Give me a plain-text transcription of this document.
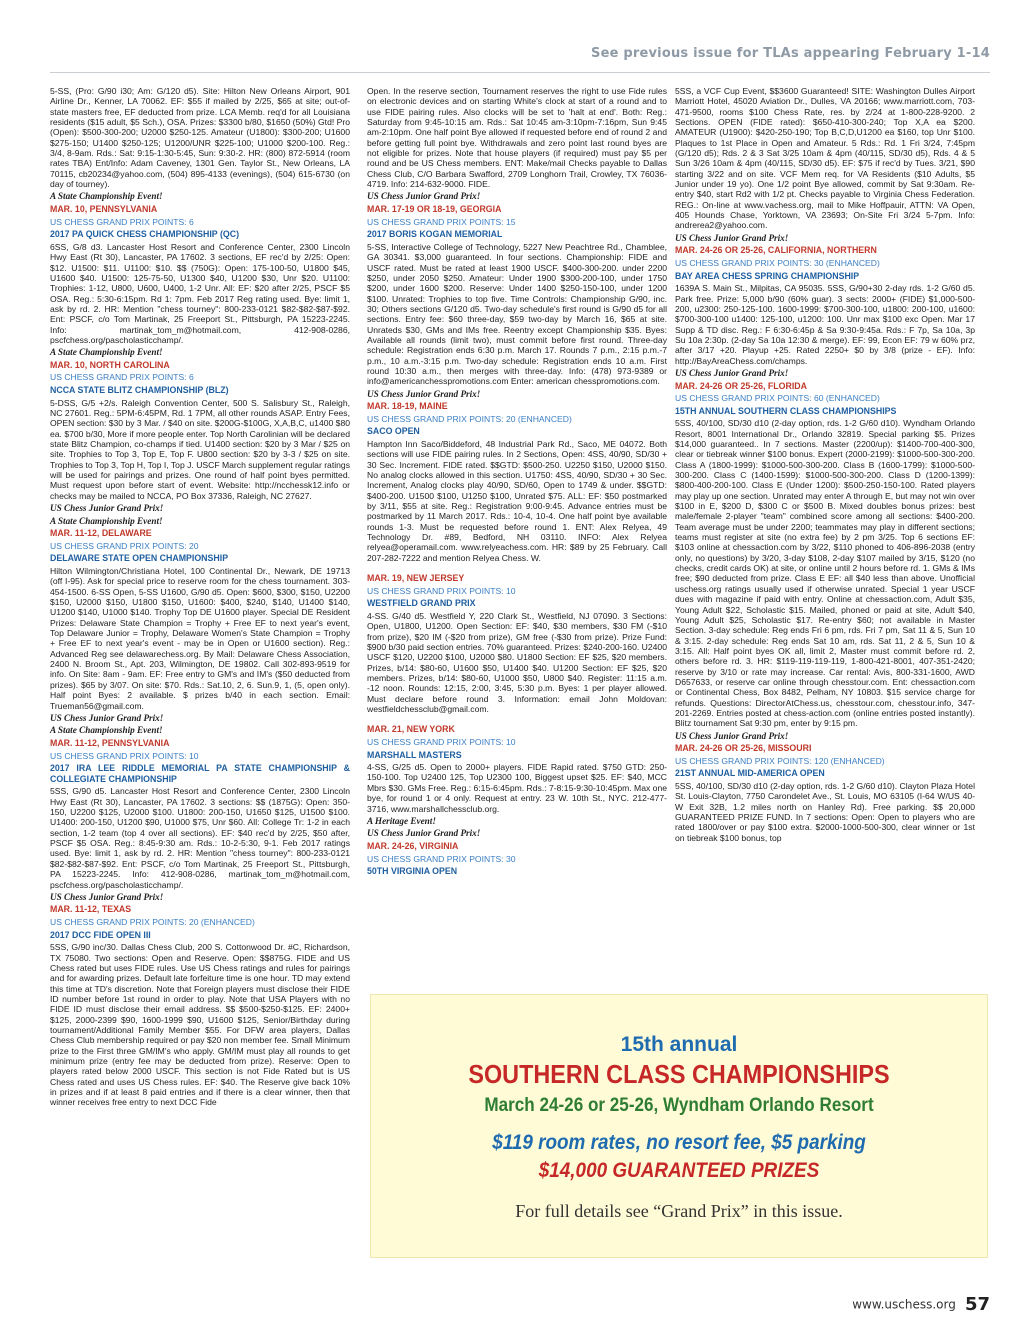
See previous issue for TLAs appearing February 1-14

5-SS, (Pro: G/90 i30; Am: G/120 d5). Site: Hilton New Orleans Airport, 901 Airline Dr., Kenner, LA 70062. EF: $55 if mailed by 2/25, $65 at site; out-of-state masters free, EF deducted from prize. LCA Memb. req'd for all Louisiana residents ($15 adult, $5 Sch.), OSA. Prizes: $3300 b/80, $1650 (50%) Gtd! Pro (Open): $500-300-200; U2000 $250-125. Amateur (U1800): $300-200; U1600 $275-150; U1400 $250-125; U1200/UNR $225-100; U1000 $200-100. Reg.: 3/4, 8-9am. Rds.: Sat: 9:15-1:30-5:45, Sun: 9:30-2. HR: (800) 872-5914 (room rates TBA) Ent/Info: Adam Caveney, 1301 Gen. Taylor St., New Orleans, LA 70115, cb20234@yahoo.com, (504) 895-4133 (evenings), (504) 615-6730 (on day of tourney).

A State Championship Event!

MAR. 10, PENNSYLVANIA

US CHESS GRAND PRIX POINTS: 6

2017 PA QUICK CHESS CHAMPIONSHIP (QC)

6SS, G/8 d3. Lancaster Host Resort and Conference Center, 2300 Lincoln Hwy East (Rt 30), Lancaster, PA 17602. 3 sections, EF rec'd by 2/25: Open: $12. U1500: $11. U1100: $10. $$ (750G): Open: 175-100-50, U1800 $45, U1600 $40. U1500: 125-75-50, U1300 $40, U1200 $30, Unr $20. U1100: Trophies: 1-12, U800, U600, U400, 1-2 Unr. All: EF: $20 after 2/25, PSCF $5 OSA. Reg.: 5:30-6:15pm. Rd 1: 7pm. Feb 2017 Reg rating used. Bye: limit 1, ask by rd. 2. HR: Mention "chess tourney": 800-233-0121 $82-$82-$87-$92. Ent: PSCF, c/o Tom Martinak, 25 Freeport St., Pittsburgh, PA 15223-2245. Info: martinak_tom_m@hotmail.com, 412-908-0286, pscfchess.org/pascholasticchamp/.

A State Championship Event!

MAR. 10, NORTH CAROLINA

US CHESS GRAND PRIX POINTS: 6

NCCA STATE BLITZ CHAMPIONSHIP (BLZ)

5-DSS, G/5 +2/s. Raleigh Convention Center, 500 S. Salisbury St., Raleigh, NC 27601. Reg.: 5PM-6:45PM, Rd. 1 7PM, all other rounds ASAP. Entry Fees, OPEN section: $30 by 3 Mar. / $40 on site. $200G-$100G, X,A,B,C, u1400 $80 ea. $700 b/30, More if more people enter. Top North Carolinian will be declared state Blitz Champion, co-champs if tied. U1400 section: $20 by 3 Mar / $25 on site. Trophies to Top 3, Top E, Top F. U800 section: $20 by 3-3 / $25 on site. Trophies to Top 3, Top H, Top I, Top J. USCF March supplement regular ratings will be used for pairings and prizes. One round of half point byes permitted. Must request upon before start of event. Website: http://ncchessk12.info or checks may be mailed to NCCA, PO Box 37336, Raleigh, NC 27627.

US Chess Junior Grand Prix!

A State Championship Event!

MAR. 11-12, DELAWARE

US CHESS GRAND PRIX POINTS: 20

DELAWARE STATE OPEN CHAMPIONSHIP

Hilton Wilmington/Christiana Hotel, 100 Continental Dr., Newark, DE 19713 (off I-95). Ask for special price to reserve room for the chess tournament. 303-454-1500. 6-SS Open, 5-SS U1600, G/90 d5. Open: $600, $300, $150, U2200 $150, U2000 $150, U1800 $150, U1600: $400, $240, $140, U1400 $140, U1200 $140, U1000 $140. Trophy Top DE U1600 player. Special DE Resident Prizes: Delaware State Champion = Trophy + Free EF to next year's event, Top Delaware Junior = Trophy, Delaware Women's State Champion = Trophy + Free EF to next year's event - may be in Open or U1600 section). Reg.: Advanced Reg see delawarechess.org. By Mail: Delaware Chess Association, 2400 N. Broom St., Apt. 203, Wilmington, DE 19802. Call 302-893-9519 for info. On Site: 8am - 9am. EF: Free entry to GM's and IM's ($50 deducted from prizes). $65 by 3/07. On site: $70. Rds.: Sat.10, 2, 6. Sun.9, 1, (5, open only). Half point Byes: 2 available. $ prizes b/40 in each section. Email: Trueman56@gmail.com.

US Chess Junior Grand Prix!

A State Championship Event!

MAR. 11-12, PENNSYLVANIA

US CHESS GRAND PRIX POINTS: 10

2017 IRA LEE RIDDLE MEMORIAL PA STATE CHAMPIONSHIP & COLLEGIATE CHAMPIONSHIP

5SS, G/90 d5. Lancaster Host Resort and Conference Center, 2300 Lincoln Hwy East (Rt 30), Lancaster, PA 17602. 3 sections: $$ (1875G): Open: 350-150, U2200 $125, U2000 $100. U1800: 200-150, U1650 $125, U1500 $100. U1400: 200-150, U1200 $90, U1000 $75, Unr $60. All: College Tr: 1-2 in each section, 1-2 team (top 4 over all sections). EF: $40 rec'd by 2/25, $50 after, PSCF $5 OSA. Reg.: 8:45-9:30 am. Rds.: 10-2-5:30, 9-1. Feb 2017 ratings used. Bye: limit 1, ask by rd. 2. HR: Mention "chess tourney": 800-233-0121 $82-$82-$87-$92. Ent: PSCF, c/o Tom Martinak, 25 Freeport St., Pittsburgh, PA 15223-2245. Info: 412-908-0286, martinak_tom_m@hotmail.com, pscfchess.org/pascholasticchamp/.

US Chess Junior Grand Prix!

MAR. 11-12, TEXAS

US CHESS GRAND PRIX POINTS: 20 (ENHANCED)

2017 DCC FIDE OPEN III

5SS, G/90 inc/30. Dallas Chess Club, 200 S. Cottonwood Dr. #C, Richardson, TX 75080. Two sections: Open and Reserve. Open: $$875G. FIDE and US Chess rated but uses FIDE rules. Use US Chess ratings and rules for pairings and for awarding prizes. Default late forfeiture time is one hour. TD may extend this time at TD's discretion. Note that Foreign players must disclose their FIDE ID number before 1st round in order to play. Note that USA Players with no FIDE ID must disclose their email address. $$ $500-$250-$125. EF: 2400+ $125, 2000-2399 $90, 1600-1999 $90, U1600 $125, Senior/Birthday during tournament/Additional Family Member $55. For DFW area players, Dallas Chess Club membership required or pay $20 non member fee. Small Minimum prize to the First three GM/IM's who apply. GM/IM must play all rounds to get minimum prize (entry fee may be deducted from prize). Reserve: Open to players rated below 2000 USCF. This section is not Fide Rated but is US Chess rated and uses US Chess rules. EF: $40. The Reserve give back 10% in prizes and if at least 8 paid entries and if there is a clear winner, then that winner receives free entry to next DCC Fide

Open. In the reserve section, Tournament reserves the right to use Fide rules on electronic devices and on starting White's clock at start of a round and to use FIDE pairing rules. Also clocks will be set to 'halt at end'. Both: Reg.: Saturday from 9:45-10:15 am. Rds.: Sat 10:45 am-3:10pm-7:16pm, Sun 9:45 am-2:10pm. One half point Bye allowed if requested before end of round 2 and before getting full point bye. Withdrawals and zero point last round byes are not eligible for prizes. Note that house players (if required) must pay $5 per round and be US Chess members. ENT: Make/mail Checks payable to Dallas Chess Club, C/O Barbara Swafford, 2709 Longhorn Trail, Crowley, TX 76036-4719. Info: 214-632-9000. FIDE.

US Chess Junior Grand Prix!

MAR. 17-19 OR 18-19, GEORGIA

US CHESS GRAND PRIX POINTS: 15

2017 BORIS KOGAN MEMORIAL

5-SS, Interactive College of Technology, 5227 New Peachtree Rd., Chamblee, GA 30341. $3,000 guaranteed. In four sections. Championship: FIDE and USCF rated. Must be rated at least 1900 USCF. $400-300-200. under 2200 $250, under 2050 $250. Amateur: Under 1900 $300-200-100, under 1750 $200, under 1600 $200. Reserve: Under 1400 $250-150-100, under 1200 $100. Unrated: Trophies to top five. Time Controls: Championship G/90, inc. 30; Others sections G/120 d5. Two-day schedule's first round is G/90 d5 for all sections. Entry fee: $60 three-day, $59 two-day by March 16, $65 at site. Unrateds $30, GMs and IMs free. Reentry except Championship $35. Byes: Available all rounds (limit two), must commit before first round. Three-day schedule: Registration ends 6:30 p.m. March 17. Rounds 7 p.m., 2:15 p.m.-7 p.m., 10 a.m.-3:15 p.m. Two-day schedule: Registration ends 10 a.m. First round 10:30 a.m., then merges with three-day. Info: (478) 973-9389 or info@americanchesspromotions.com Enter: american chesspromotions.com.

US Chess Junior Grand Prix!

MAR. 18-19, MAINE

US CHESS GRAND PRIX POINTS: 20 (ENHANCED)

SACO OPEN

Hampton Inn Saco/Biddeford, 48 Industrial Park Rd., Saco, ME 04072. Both sections will use FIDE pairing rules. In 2 Sections, Open: 4SS, 40/90, SD/30 + 30 Sec. Increment. FIDE rated. $$GTD: $500-250. U2250 $150, U2000 $150. No analog clocks allowed in this section. U1750: 4SS, 40/90, SD/30 + 30 Sec. Increment, Analog clocks play 40/90, SD/60, Open to 1749 & under. $$GTD: $400-200. U1500 $100, U1250 $100, Unrated $75. ALL: EF: $50 postmarked by 3/11, $55 at site. Reg.: Registration 9:00-9:45. Advance entries must be postmarked by 11 March 2017. Rds.: 10-4, 10-4. One half point bye available rounds 1-3. Must be requested before round 1. ENT: Alex Relyea, 49 Technology Dr. #89, Bedford, NH 03110. INFO: Alex Relyea relyea@operamail.com. www.relyeachess.com. HR: $89 by 25 February. Call 207-282-7222 and mention Relyea Chess. W.

MAR. 19, NEW JERSEY

US CHESS GRAND PRIX POINTS: 10

WESTFIELD GRAND PRIX

4-SS. G/40 d5. Westfield Y, 220 Clark St., Westfield, NJ 07090. 3 Sections: Open, U1800, U1200. Open Section: EF: $40, $30 members, $30 FM (-$10 from prize), $20 IM (-$20 from prize), GM free (-$30 from prize). Prize Fund: $900 b/30 paid section entries. 70% guaranteed. Prizes: $240-200-160. U2400 USCF $120, U2200 $100, U2000 $80. U1800 Section: EF $25, $20 members. Prizes, b/14: $80-60, U1600 $50, U1400 $40. U1200 Section: EF $25, $20 members. Prizes, b/14: $80-60, U1000 $50, U800 $40. Register: 11:15 a.m. -12 noon. Rounds: 12:15, 2:00, 3:45, 5:30 p.m. Byes: 1 per player allowed. Must declare before round 3. Information: email John Moldovan: westfieldchessclub@gmail.com.

MAR. 21, NEW YORK

US CHESS GRAND PRIX POINTS: 10

MARSHALL MASTERS

4-SS, G/25 d5. Open to 2000+ players. FIDE Rapid rated. $750 GTD: 250-150-100. Top U2400 125, Top U2300 100, Biggest upset $25. EF: $40, MCC Mbrs $30. GMs Free. Reg.: 6:15-6:45pm. Rds.: 7-8:15-9:30-10:45pm. Max one bye, for round 1 or 4 only. Request at entry. 23 W. 10th St., NYC. 212-477-3716, www.marshallchessclub.org.

A Heritage Event!

US Chess Junior Grand Prix!

MAR. 24-26, VIRGINIA

US CHESS GRAND PRIX POINTS: 30

50TH VIRGINIA OPEN

5SS, a VCF Cup Event, $$3600 Guaranteed! SITE: Washington Dulles Airport Marriott Hotel, 45020 Aviation Dr., Dulles, VA 20166; www.marriott.com, 703-471-9500, rooms $100 Chess Rate, res. by 2/24 at 1-800-228-9200. 2 Sections. OPEN (FIDE rated): $650-410-300-240; Top X,A ea $200. AMATEUR (U1900): $420-250-190; Top B,C,D,U1200 ea $160, top Unr $100. Plaques to 1st Place in Open and Amateur. 5 Rds.: Rd. 1 Fri 3/24, 7:45pm (G/120 d5); Rds. 2 & 3 Sat 3/25 10am & 4pm (40/115, SD/30 d5), Rds. 4 & 5 Sun 3/26 10am & 4pm (40/115, SD/30 d5). EF: $75 if rec'd by Tues. 3/21, $90 starting 3/22 and on site. VCF Mem req. for VA Residents ($10 Adults, $5 Junior under 19 yo). One 1/2 point Bye allowed, commit by Sat 9:30am. Re-entry $40, start Rd2 with 1/2 pt. Checks payable to Virginia Chess Federation. REG.: On-line at www.vachess.org, mail to Mike Hoffpauir, ATTN: VA Open, 405 Hounds Chase, Yorktown, VA 23693; On-Site Fri 3/24 5-7pm. Info: andrerea2@yahoo.com.

US Chess Junior Grand Prix!

MAR. 24-26 OR 25-26, CALIFORNIA, NORTHERN

US CHESS GRAND PRIX POINTS: 30 (ENHANCED)

BAY AREA CHESS SPRING CHAMPIONSHIP

1639A S. Main St., Milpitas, CA 95035. 5SS, G/90+30 2-day rds. 1-2 G/60 d5. Park free. Prize: 5,000 b/90 (60% guar). 3 sects: 2000+ (FIDE) $1,000-500-200, u2300: 250-125-100. 1600-1999: $700-300-100, u1800: 200-100, u1600: $700-300-100 u1400: 125-100, u1200: 100. Unr max $100 exc Open. Mar 17 Supp & TD disc. Reg.: F 6:30-6:45p & Sa 9:30-9:45a. Rds.: F 7p, Sa 10a, 3p Su 10a 2:30p. (2-day Sa 10a 12:30 & merge). EF: 99, Econ EF: 79 w 60% prz, after 3/17 +20. Playup +25. Rated 2250+ $0 by 3/8 (prize - EF). Info: http://BayAreaChess.com/champs.

US Chess Junior Grand Prix!

MAR. 24-26 OR 25-26, FLORIDA

US CHESS GRAND PRIX POINTS: 60 (ENHANCED)

15TH ANNUAL SOUTHERN CLASS CHAMPIONSHIPS

5SS, 40/100, SD/30 d10 (2-day option, rds. 1-2 G/60 d10). Wyndham Orlando Resort, 8001 International Dr., Orlando 32819. Special parking $5. Prizes $14,000 guaranteed.. In 7 sections. Master (2200/up): $1400-700-400-300, clear or tiebreak winner $100 bonus. Expert (2000-2199): $1000-500-300-200. Class A (1800-1999): $1000-500-300-200. Class B (1600-1799): $1000-500-300-200. Class C (1400-1599): $1000-500-300-200. Class D (1200-1399): $800-400-200-100. Class E (Under 1200): $500-250-150-100. Rated players may play up one section. Unrated may enter A through E, but may not win over $100 in E, $200 D, $300 C or $500 B. Mixed doubles bonus prizes: best male/female 2-player "team" combined score among all sections: $400-200. Team average must be under 2200; teammates may play in different sections; teams must register at site (no extra fee) by 2 pm 3/25. Top 6 sections EF: $103 online at chessaction.com by 3/22, $110 phoned to 406-896-2038 (entry only, no questions) by 3/20, 3-day $108, 2-day $107 mailed by 3/15, $120 (no checks, credit cards OK) at site, or online until 2 hours before rd. 1. GMs & IMs free; $90 deducted from prize. Class E EF: all $40 less than above. Unofficial uschess.org ratings usually used if otherwise unrated. Special 1 year USCF dues with magazine if paid with entry. Online at chessaction.com, Adult $35, Young Adult $22, Scholastic $15. Mailed, phoned or paid at site, Adult $40, Young Adult $25, Scholastic $17. Re-entry $60; not available in Master Section. 3-day schedule: Reg ends Fri 6 pm, rds. Fri 7 pm, Sat 11 & 5, Sun 10 & 3:15. 2-day schedule: Reg ends Sat 10 am, rds. Sat 11, 2 & 5, Sun 10 & 3:15. All: Half point byes OK all, limit 2, Master must commit before rd. 2, others before rd. 3. HR: $119-119-119-119, 1-800-421-8001, 407-351-2420; reserve by 3/10 or rate may increase. Car rental: Avis, 800-331-1600, AWD D657633, or reserve car online through chesstour.com. Ent: chessaction.com or Continental Chess, Box 8482, Pelham, NY 10803. $15 service charge for refunds. Questions: DirectorAtChess.us, chesstour.com, chesstour.info, 347-201-2269. Entries posted at chess-action.com (online entries posted instantly). Blitz tournament Sat 9:30 pm, enter by 9:15 pm.

US Chess Junior Grand Prix!

MAR. 24-26 OR 25-26, MISSOURI

US CHESS GRAND PRIX POINTS: 120 (ENHANCED)

21ST ANNUAL MID-AMERICA OPEN

5SS, 40/100, SD/30 d10 (2-day option, rds. 1-2 G/60 d10). Clayton Plaza Hotel St. Louis-Clayton, 7750 Carondelet Ave., St. Louis, MO 63105 (I-64 W/US 40-W Exit 32B, 1.2 miles north on Hanley Rd). Free parking. $$ 20,000 GUARANTEED PRIZE FUND. In 7 sections: Open: Open to players who are rated 1800/over or pay $100 extra. $2000-1000-500-300, clear winner or 1st on tiebreak $100 bonus, top

15th annual
SOUTHERN CLASS CHAMPIONSHIPS
March 24-26 or 25-26, Wyndham Orlando Resort
$119 room rates, no resort fee, $5 parking
$14,000 GUARANTEED PRIZES
For full details see “Grand Prix” in this issue.
www.uschess.org 57
